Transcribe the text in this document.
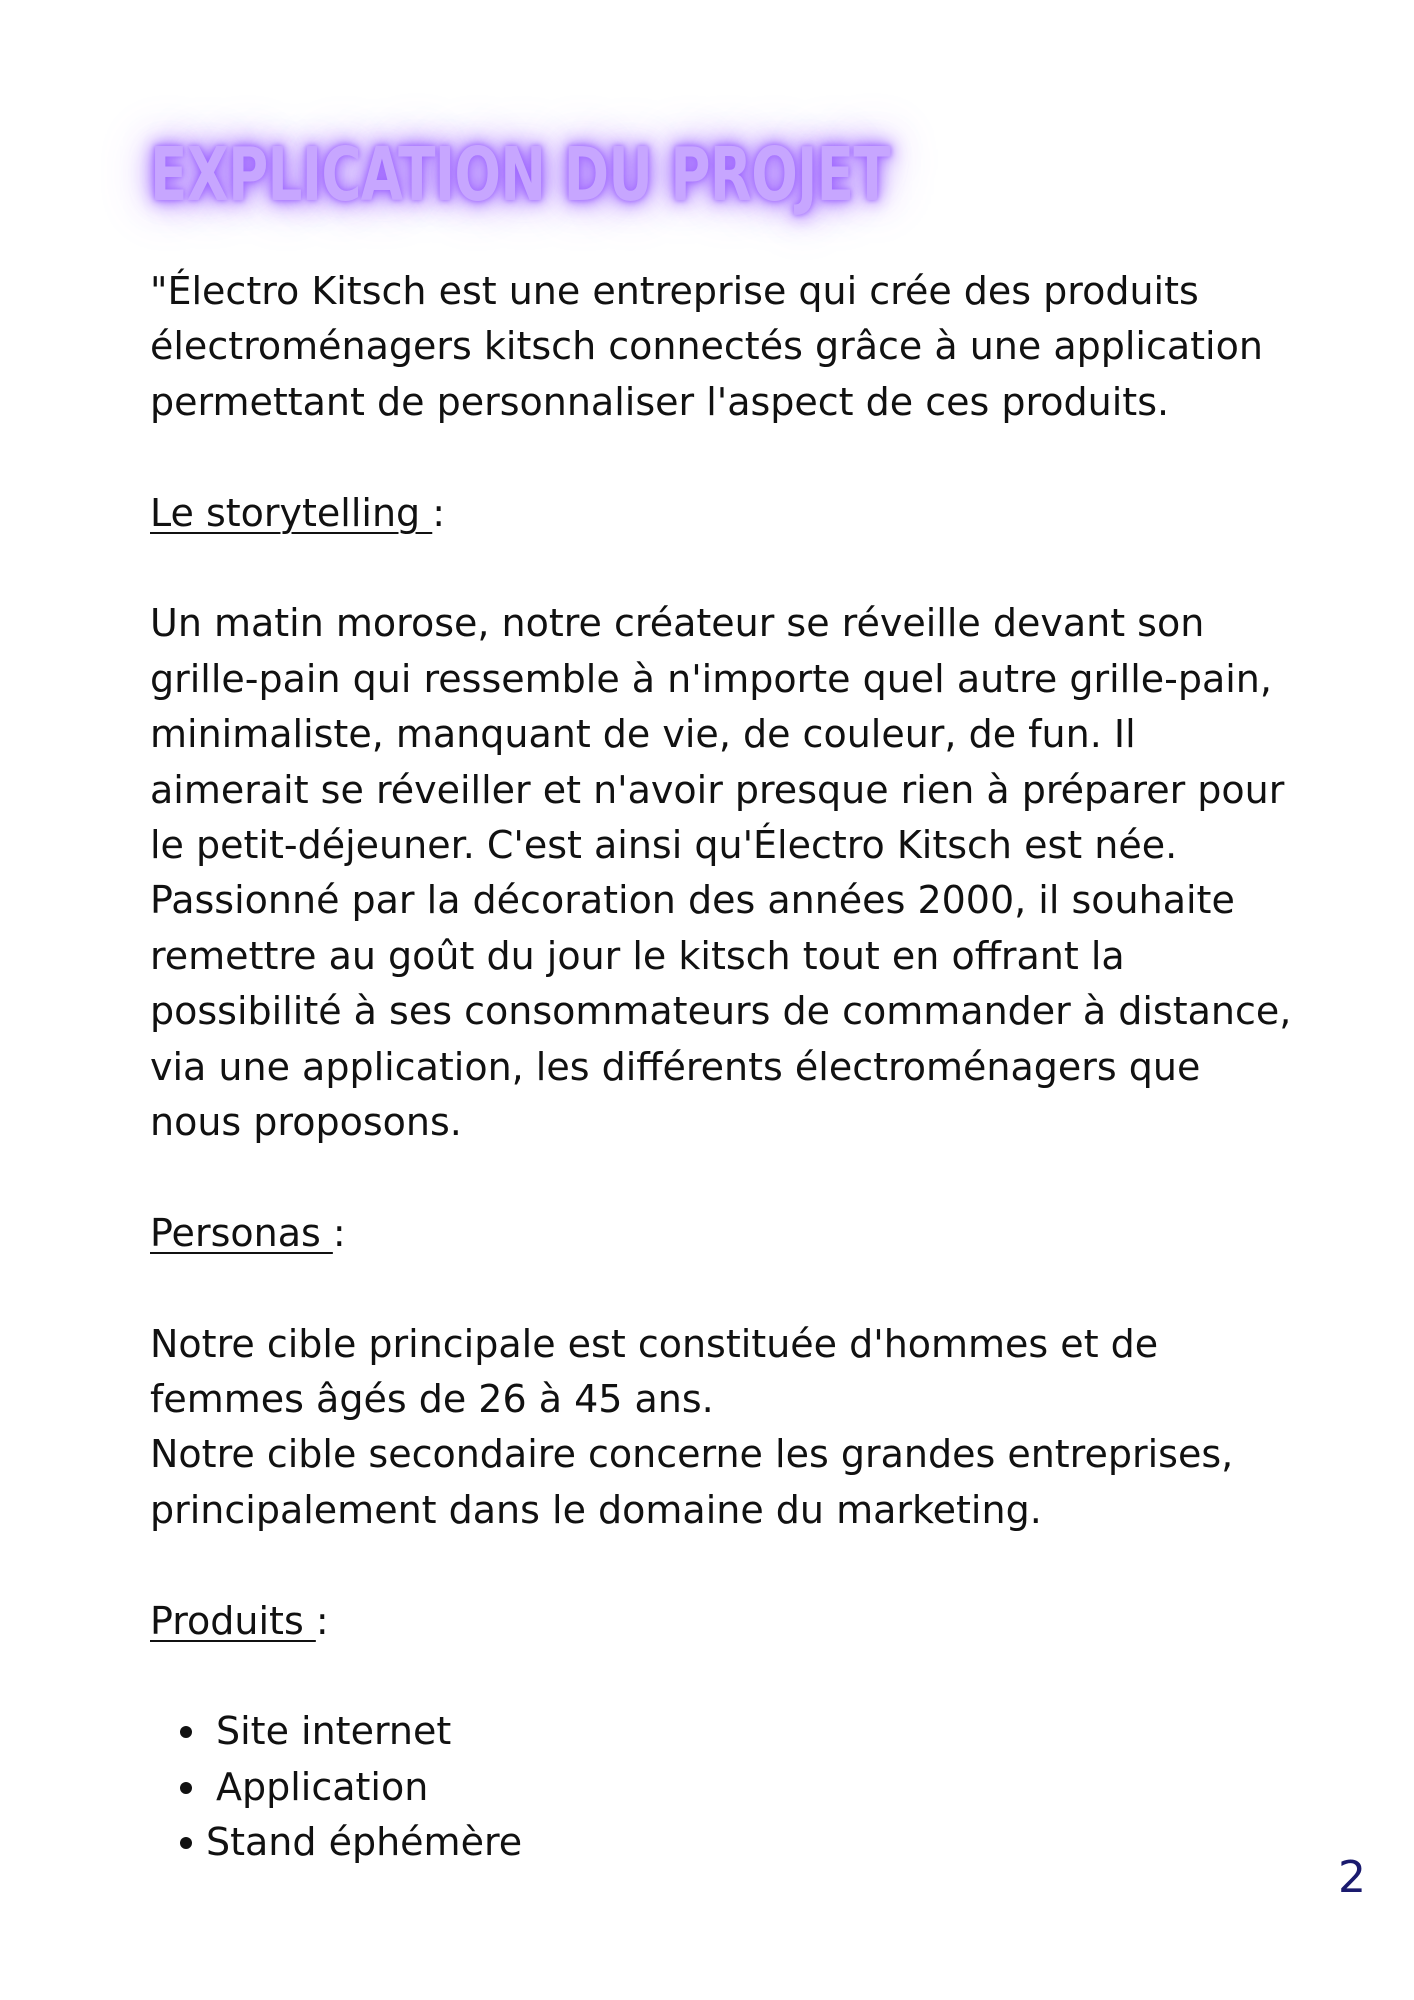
EXPLICATION DU PROJET

"Électro Kitsch est une entreprise qui crée des produits

électroménagers kitsch connectés grâce à une application

permettant de personnaliser l'aspect de ces produits.

Le storytelling :

Un matin morose, notre créateur se réveille devant son

grille-pain qui ressemble à n'importe quel autre grille-pain,

minimaliste, manquant de vie, de couleur, de fun. Il

aimerait se réveiller et n'avoir presque rien à préparer pour

le petit-déjeuner. C'est ainsi qu'Électro Kitsch est née.

Passionné par la décoration des années 2000, il souhaite

remettre au goût du jour le kitsch tout en offrant la

possibilité à ses consommateurs de commander à distance,

via une application, les différents électroménagers que

nous proposons.

Personas :

Notre cible principale est constituée d'hommes et de

femmes âgés de 26 à 45 ans.

Notre cible secondaire concerne les grandes entreprises,

principalement dans le domaine du marketing.

Produits :

Site internet
Application
Stand éphémère
2
